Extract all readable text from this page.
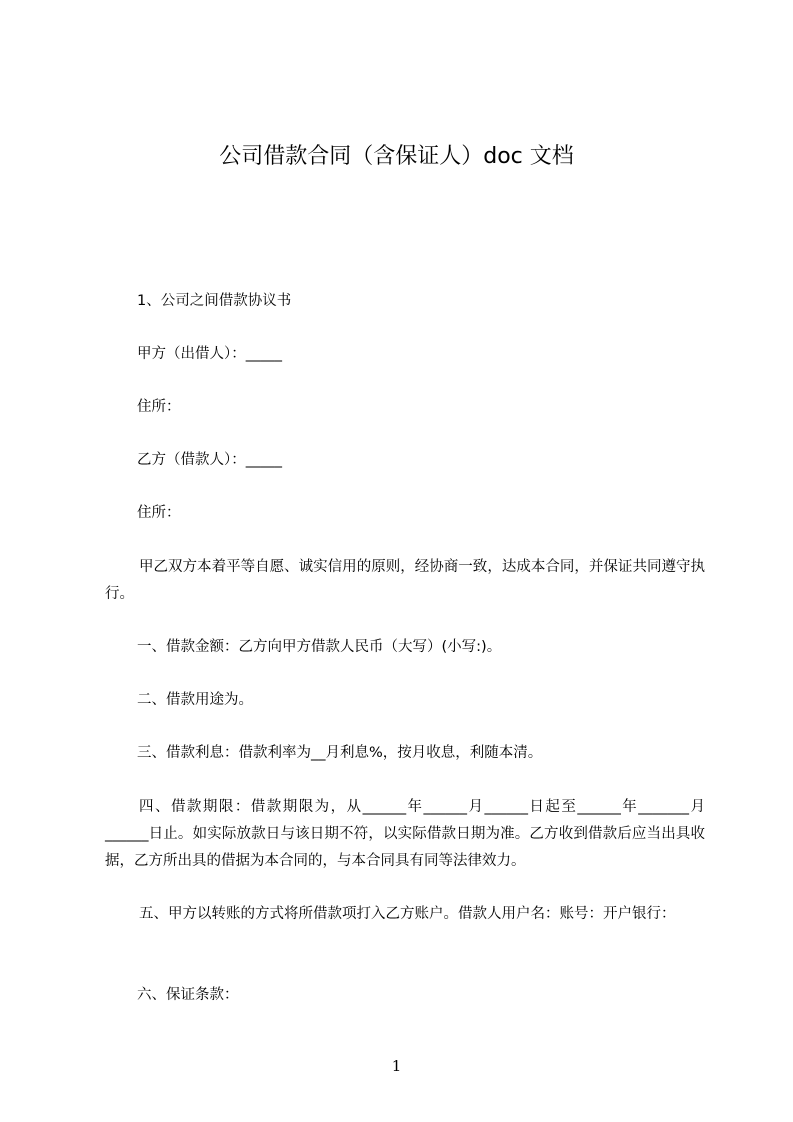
公司借款合同（含保证人）doc 文档
1、公司之间借款协议书
甲方（出借人）：_____
住所：
乙方（借款人）：_____
住所：
甲乙双方本着平等自愿、诚实信用的原则，经协商一致，达成本合同，并保证共同遵守执行。
一、借款金额：乙方向甲方借款人民币（大写）(小写:)。
二、借款用途为。
三、借款利息：借款利率为__月利息%，按月收息，利随本清。
四、借款期限：借款期限为，从______年______月______日起至______年_______月______日止。如实际放款日与该日期不符，以实际借款日期为准。乙方收到借款后应当出具收据，乙方所出具的借据为本合同的，与本合同具有同等法律效力。
五、甲方以转账的方式将所借款项打入乙方账户。借款人用户名：账号：开户银行：
六、保证条款：
1
